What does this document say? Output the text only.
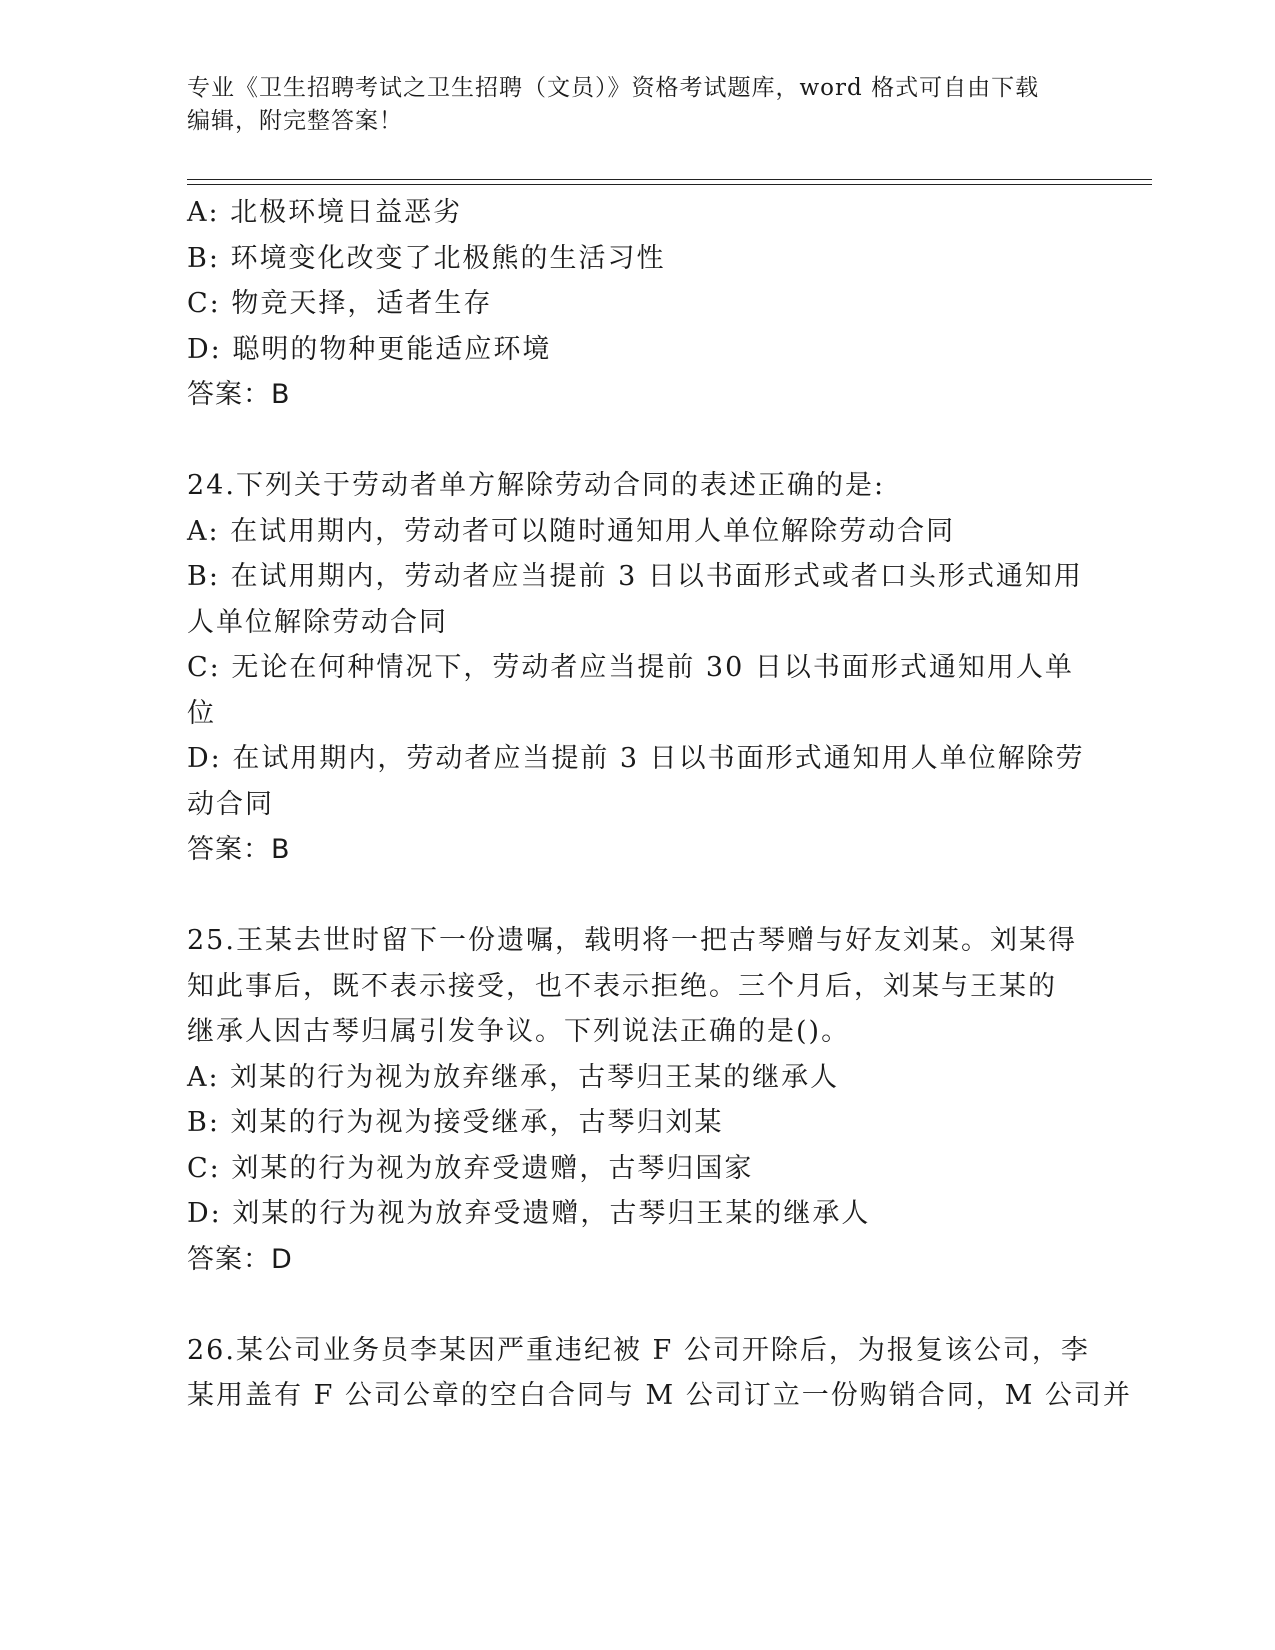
专业《卫生招聘考试之卫生招聘（文员）》资格考试题库，word 格式可自由下载
编辑，附完整答案！
A: 北极环境日益恶劣
B: 环境变化改变了北极熊的生活习性
C: 物竞天择，适者生存
D: 聪明的物种更能适应环境
答案：B
24.下列关于劳动者单方解除劳动合同的表述正确的是:
A: 在试用期内，劳动者可以随时通知用人单位解除劳动合同
B: 在试用期内，劳动者应当提前 3 日以书面形式或者口头形式通知用
人单位解除劳动合同
C: 无论在何种情况下，劳动者应当提前 30 日以书面形式通知用人单
位
D: 在试用期内，劳动者应当提前 3 日以书面形式通知用人单位解除劳
动合同
答案：B
25.王某去世时留下一份遗嘱，载明将一把古琴赠与好友刘某。刘某得
知此事后，既不表示接受，也不表示拒绝。三个月后，刘某与王某的
继承人因古琴归属引发争议。下列说法正确的是()。
A: 刘某的行为视为放弃继承，古琴归王某的继承人
B: 刘某的行为视为接受继承，古琴归刘某
C: 刘某的行为视为放弃受遗赠，古琴归国家
D: 刘某的行为视为放弃受遗赠，古琴归王某的继承人
答案：D
26.某公司业务员李某因严重违纪被 F 公司开除后，为报复该公司，李
某用盖有 F 公司公章的空白合同与 M 公司订立一份购销合同，M 公司并
